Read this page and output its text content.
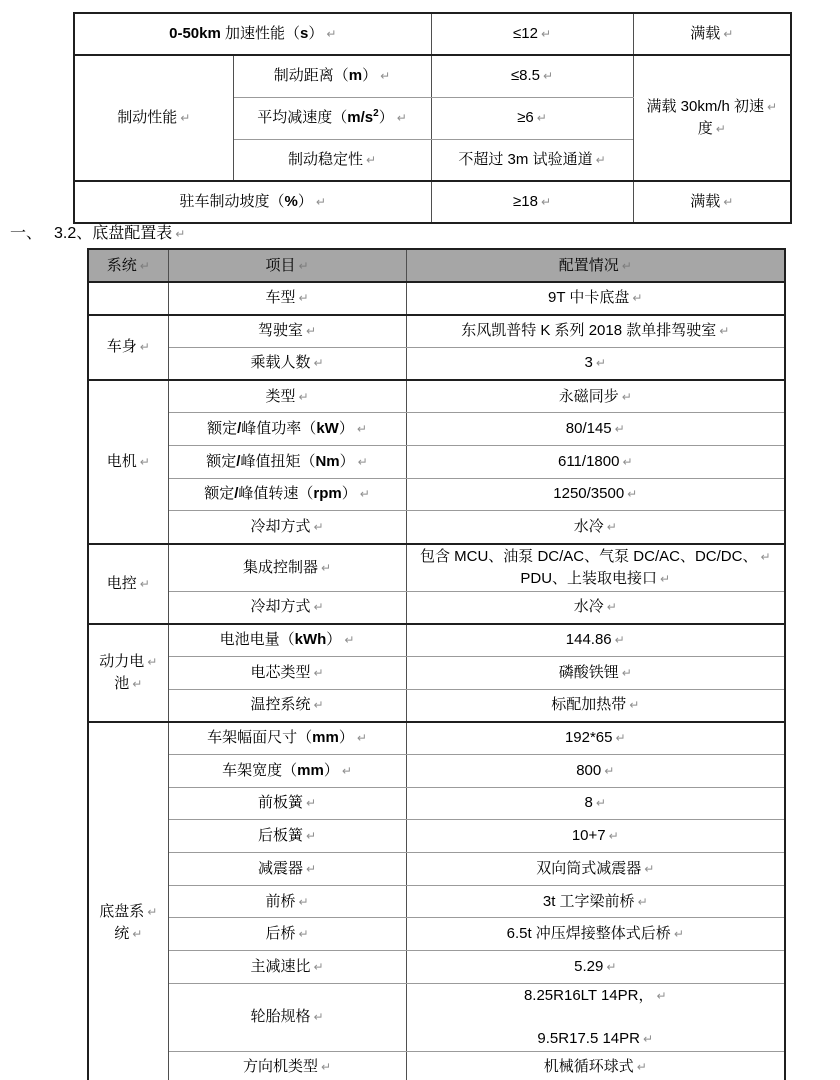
0-50km 加速性能（s） ↵		≤12 ↵	满载 ↵
制动性能 ↵	制动距离（m） ↵	≤8.5 ↵	满载 30km/h 初速 ↵
度 ↵

	平均减速度$(m/s^2)$ ↵	≥6 ↵	
	制动稳定性 ↵	不超过 3m 试验通道 ↵	
驻车制动坡度（%） ↵		≥18 ↵	满载 ↵
一、 3.2、底盘配置表 ↵
系统 ↵	项目 ↵	配置情况 ↵
	车型 ↵	9T 中卡底盘 ↵
车身 ↵	驾驶室 ↵	东风凯普特 K 系列 2018 款单排驾驶室 ↵
	乘载人数 ↵	3 ↵
电机 ↵	类型 ↵	永磁同步 ↵
	额定/峰值功率（kW） ↵	80/145 ↵
	额定/峰值扭矩（Nm） ↵	611/1800 ↵
	额定/峰值转速（rpm） ↵	1250/3500 ↵
	冷却方式 ↵	水冷 ↵
电控 ↵	集成控制器 ↵	包含 MCU、油泵 DC/AC、气泵 DC/AC、DC/DC、 ↵
PDU、上装取电接口 ↵

	冷却方式 ↵	水冷 ↵

动力电 ↵
池 ↵	电池电量（kWh） ↵	144.86 ↵
	电芯类型 ↵	磷酸铁锂 ↵
	温控系统 ↵	标配加热带 ↵

底盘系 ↵
统 ↵	车架幅面尺寸（mm） ↵	192*65 ↵
	车架宽度（mm） ↵	800 ↵
	前板簧 ↵	8 ↵
	后板簧 ↵	10+7 ↵
	减震器 ↵	双向筒式减震器 ↵
	前桥 ↵	3t 工字梁前桥 ↵
	后桥 ↵	6.5t 冲压焊接整体式后桥 ↵
	主减速比 ↵	5.29 ↵
	轮胎规格 ↵	8.25R16LT 14PR， ↵
9.5R17.5 14PR ↵

	方向机类型 ↵	机械循环球式 ↵
